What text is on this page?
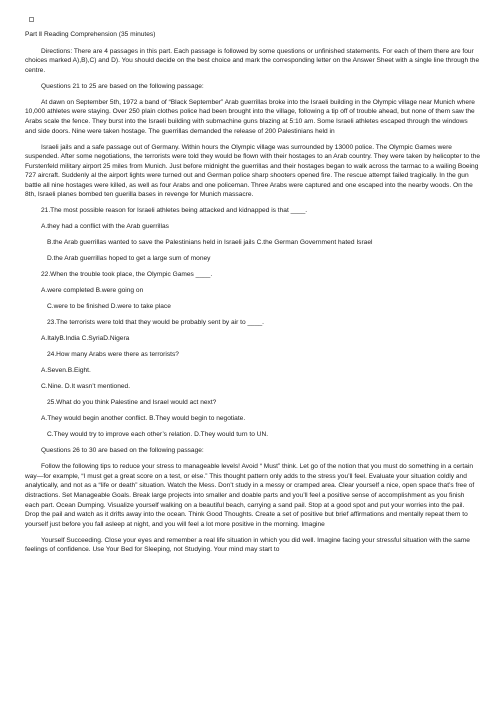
Part Ⅱ Reading Comprehension (35 minutes)

Directions: There are 4 passages in this part. Each passage is followed by some questions or unfinished statements. For each of them there are four choices marked A),B),C) and D). You should decide on the best choice and mark the corresponding letter on the Answer Sheet with a single line through the centre.

Questions 21 to 25 are based on the following passage:

At dawn on September 5th, 1972 a band of “Black September” Arab guerrillas broke into the Israeli building in the Olympic village near Munich where 10,000 athletes were staying. Over 250 plain clothes police had been brought into the village, following a tip off of trouble ahead, but none of them saw the Arabs scale the fence. They burst into the Israeli building with submachine guns blazing at 5:10 am. Some Israeli athletes escaped through the windows and side doors. Nine were taken hostage. The guerrillas demanded the release of 200 Palestinians held in

Israeli jails and a safe passage out of Germany. Within hours the Olympic village was surrounded by 13000 police. The Olympic Games were suspended. After some negotiations, the terrorists were told they would be flown with their hostages to an Arab country. They were taken by helicopter to the Furstenfeld military airport 25 miles from Munich. Just before midnight the guerrillas and their hostages began to walk across the tarmac to a wailing Boeing 727 aircraft. Suddenly al the airport lights were turned out and German police sharp shooters opened fire. The rescue attempt failed tragically. In the gun battle all nine hostages were killed, as well as four Arabs and one policeman. Three Arabs were captured and one escaped into the nearby woods. On the 8th, Israeli planes bombed ten guerilla bases in revenge for Munich massacre.

21.The most possible reason for Israeli athletes being attacked and kidnapped is that ____.

A.they had a conflict with the Arab guerrillas

B.the Arab guerrillas wanted to save the Palestinians held in Israeli jails C.the German Government hated Israel

D.the Arab guerrillas hoped to get a large sum of money

22.When the trouble took place, the Olympic Games ____.

A.were completed B.were going on

C.were to be finished D.were to take place

23.The terrorists were told that they would be probably sent by air to ____.

A.ItalyB.India C.SyriaD.Nigera

24.How many Arabs were there as terrorists?

A.Seven.B.Eight.

C.Nine. D.It wasn’t mentioned.

25.What do you think Palestine and Israel would act next?

A.They would begin another conflict. B.They would begin to negotiate.

C.They would try to improve each other’s relation. D.They would turn to UN.

Questions 26 to 30 are based on the following passage:

Follow the following tips to reduce your stress to manageable levels! Avoid “ Must” think. Let go of the notion that you must do something in a certain way—for example, “I must get a great score on a test, or else.” This thought pattern only adds to the stress you’ll feel. Evaluate your situation coldly and analytically, and not as a “life or death” situation. Watch the Mess. Don’t study in a messy or cramped area. Clear yourself a nice, open space that’s free of distractions. Set Manageable Goals. Break large projects into smaller and doable parts and you’ll feel a positive sense of accomplishment as you finish each part. Ocean Dumping. Visualize yourself walking on a beautiful beach, carrying a sand pail. Stop at a good spot and put your worries into the pail. Drop the pail and watch as it drifts away into the ocean. Think Good Thoughts. Create a set of positive but brief affirmations and mentally repeat them to yourself just before you fall asleep at night, and you will feel a lot more positive in the morning. Imagine

Yourself Succeeding. Close your eyes and remember a real life situation in which you did well. Imagine facing your stressful situation with the same feelings of confidence. Use Your Bed for Sleeping, not Studying. Your mind may start to
